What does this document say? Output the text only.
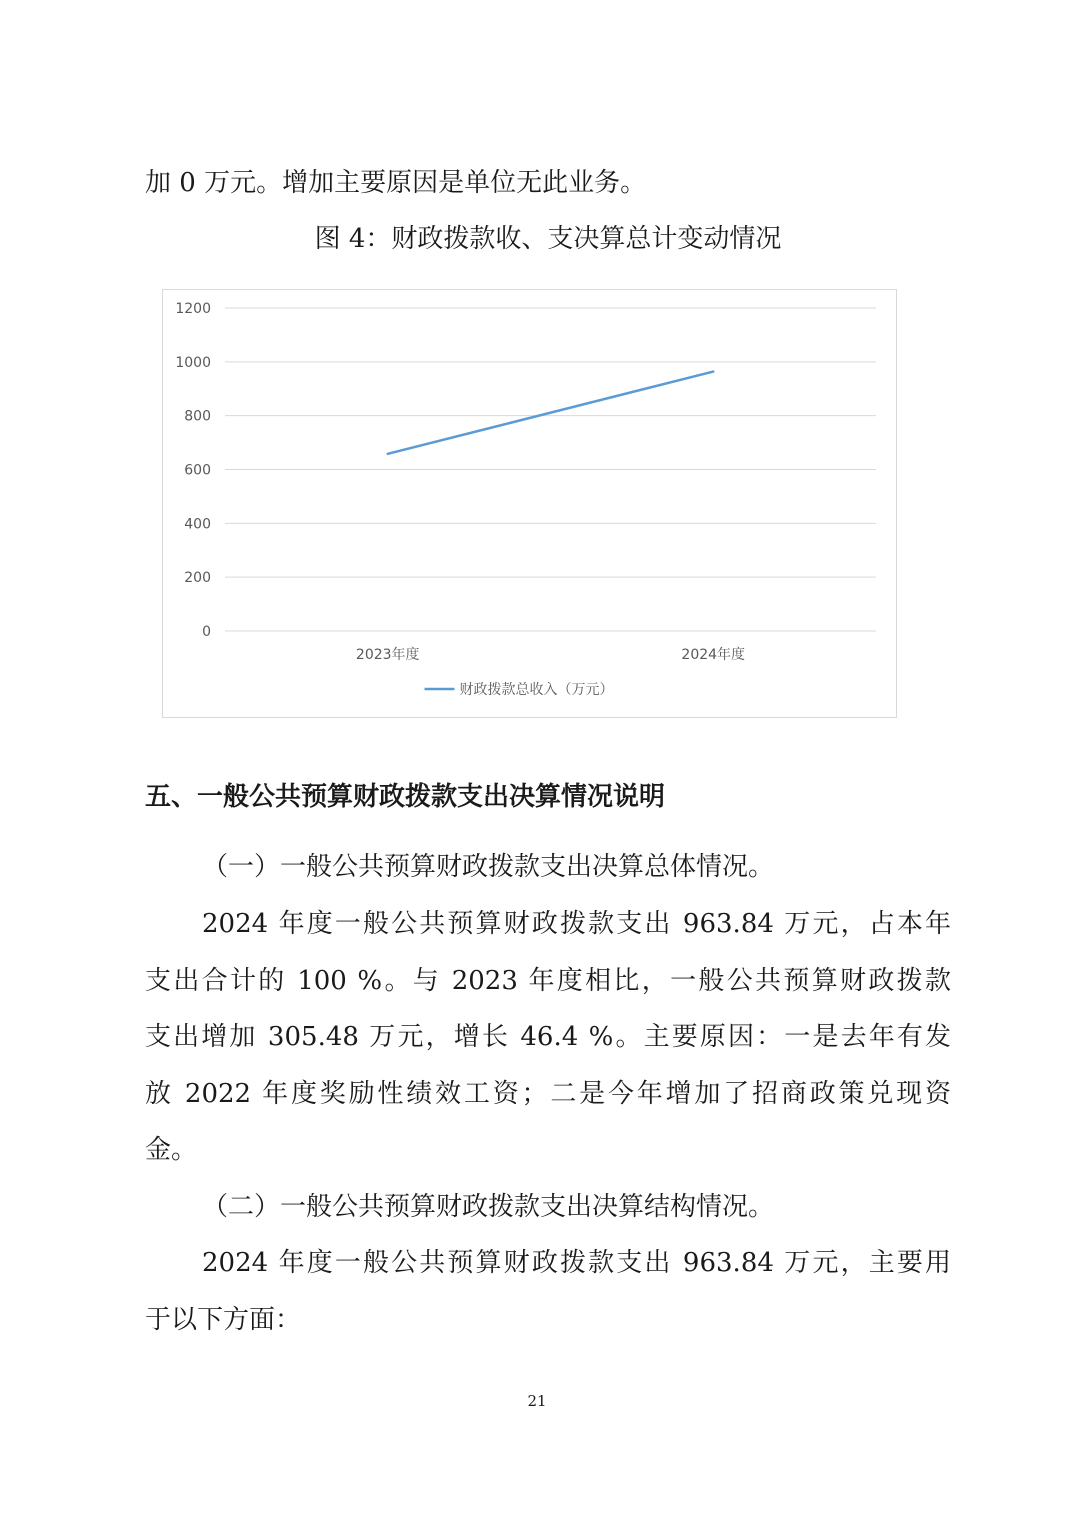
加 0 万元。增加主要原因是单位无此业务。
图 4：财政拨款收、支决算总计变动情况
0
200
400
600
800
1000
1200
2023年度	2024年度
财政拨款总收入（万元）
五、一般公共预算财政拨款支出决算情况说明
（一）一般公共预算财政拨款支出决算总体情况。
2024 年度一般公共预算财政拨款支出 963.84 万元，占本年
支出合计的 100 %。与 2023 年度相比，一般公共预算财政拨款
支出增加 305.48 万元，增长 46.4 %。主要原因：一是去年有发
放 2022 年度奖励性绩效工资；二是今年增加了招商政策兑现资
金。
（二）一般公共预算财政拨款支出决算结构情况。
2024 年度一般公共预算财政拨款支出 963.84 万元，主要用
于以下方面：
21
